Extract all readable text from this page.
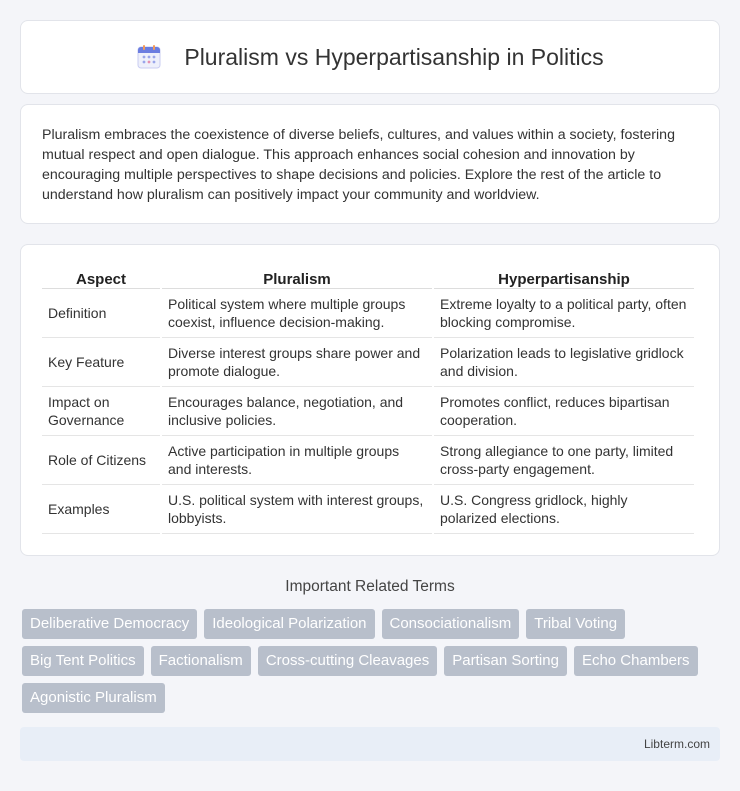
Pluralism vs Hyperpartisanship in Politics

Pluralism embraces the coexistence of diverse beliefs, cultures, and values within a society, fostering mutual respect and open dialogue. This approach enhances social cohesion and innovation by encouraging multiple perspectives to shape decisions and policies. Explore the rest of the article to understand how pluralism can positively impact your community and worldview.

Aspect	Pluralism	Hyperpartisanship
Definition	Political system where multiple groups coexist, influence decision-making.	Extreme loyalty to a political party, often blocking compromise.
Key Feature	Diverse interest groups share power and promote dialogue.	Polarization leads to legislative gridlock and division.
Impact on Governance	Encourages balance, negotiation, and inclusive policies.	Promotes conflict, reduces bipartisan cooperation.
Role of Citizens	Active participation in multiple groups and interests.	Strong allegiance to one party, limited cross-party engagement.
Examples	U.S. political system with interest groups, lobbyists.	U.S. Congress gridlock, highly polarized elections.
Important Related Terms
Deliberative Democracy	Ideological Polarization	Consociationalism	Tribal Voting
Big Tent Politics	Factionalism	Cross-cutting Cleavages	Partisan Sorting	Echo Chambers
Agonistic Pluralism
Libterm.com
